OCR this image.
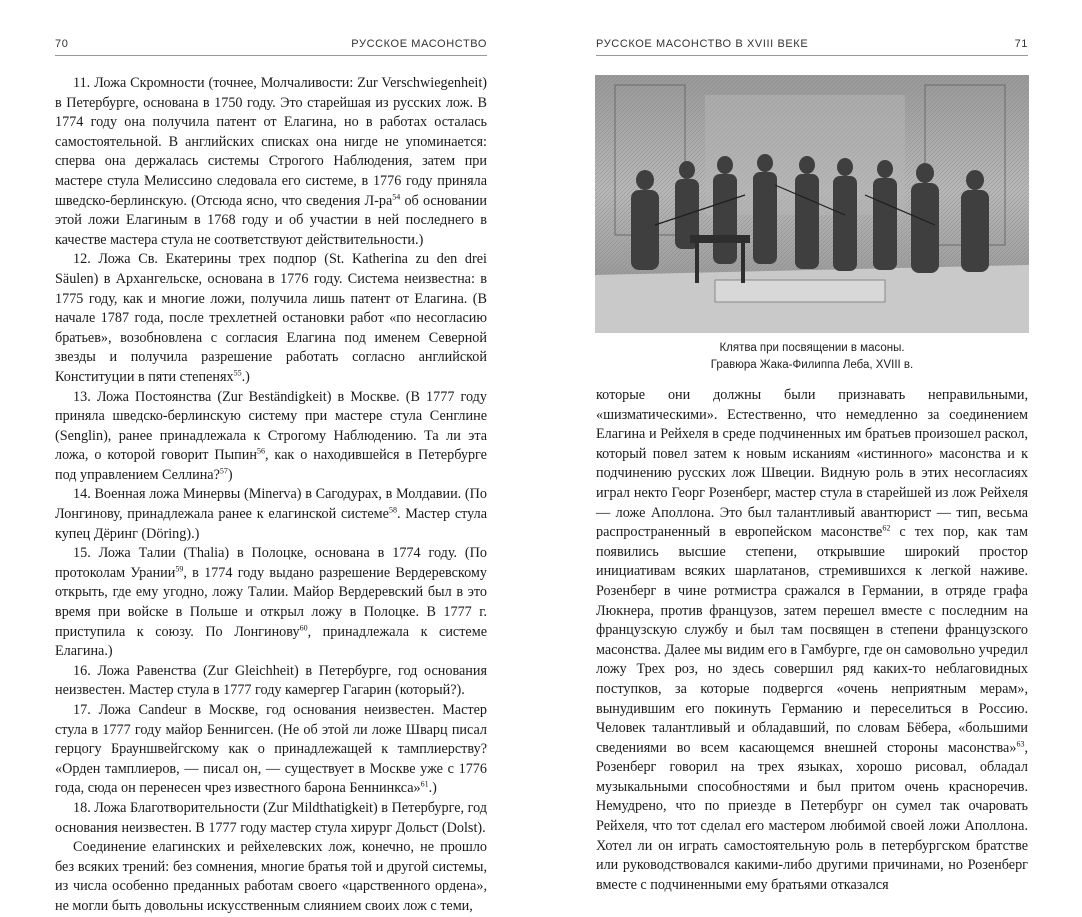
70	РУССКОЕ МАСОНСТВО

11. Ложа Скромности (точнее, Молчаливости: Zur Verschwiegenheit) в Петербурге, основана в 1750 году. Это старейшая из русских лож. В 1774 году она получила патент от Елагина, но в работах осталась самостоятельной. В английских списках она нигде не упоминается: сперва она держалась системы Строгого Наблюдения, затем при мастере стула Мелиссино следовала его системе, в 1776 году приняла шведско-берлинскую. (Отсюда ясно, что сведения $Л-ра^{54}$ об основании этой ложи Елагиным в 1768 году и об участии в ней последнего в качестве мастера стула не соответствуют действительности.)

12. Ложа Св. Екатерины трех подпор (St. Katherina zu den drei Säulen) в Архангельске, основана в 1776 году. Система неизвестна: в 1775 году, как и многие ложи, получила лишь патент от Елагина. (В начале 1787 года, после трехлетней остановки работ «по несогласию братьев», возобновлена с согласия Елагина под именем Северной звезды и получила разрешение работать согласно английской Конституции в пяти степенях$^{55}$.)

13. Ложа Постоянства (Zur Beständigkeit) в Москве. (В 1777 году приняла шведско-берлинскую систему при мастере стула Сенглине (Senglin), ранее принадлежала к Строгому Наблюдению. Та ли эта ложа, о которой говорит Пыпин$^{56}$, как о находившейся в Петербурге под управлением Селлина?$^{57}$)

14. Военная ложа Минервы (Minerva) в Сагодурах, в Молдавии. (По Лонгинову, принадлежала ранее к елагинской системе$^{58}$. Мастер стула купец Дёринг (Döring).)

15. Ложа Талии (Thalia) в Полоцке, основана в 1774 году. (По протоколам Урании$^{59}$, в 1774 году выдано разрешение Вердеревскому открыть, где ему угодно, ложу Талии. Майор Вердеревский был в это время при войске в Польше и открыл ложу в Полоцке. В 1777 г. приступила к союзу. По Лонгинову$^{60}$, принадлежала к системе Елагина.)

16. Ложа Равенства (Zur Gleichheit) в Петербурге, год основания неизвестен. Мастер стула в 1777 году камергер Гагарин (который?).

17. Ложа Candeur в Москве, год основания неизвестен. Мастер стула в 1777 году майор Беннигсен. (Не об этой ли ложе Шварц писал герцогу Брауншвейгскому как о принадлежащей к тамплиерству? «Орден тамплиеров, — писал он, — существует в Москве уже с 1776 года, сюда он перенесен чрез известного барона Беннинкса»$^{61}$.)

18. Ложа Благотворительности (Zur Mildthatigkeit) в Петербурге, год основания неизвестен. В 1777 году мастер стула хирург Дольст (Dolst).

Соединение елагинских и рейхелевских лож, конечно, не прошло без всяких трений: без сомнения, многие братья той и другой системы, из числа особенно преданных работам своего «царственного ордена», не могли быть довольны искусственным слиянием своих лож с теми,

РУССКОЕ МАСОНСТВО В XVIII ВЕКЕ	71
Клятва при посвящении в масоны.
Гравюра Жака-Филиппа Леба, XVIII в.

которые они должны были признавать неправильными, «шизматическими». Естественно, что немедленно за соединением Елагина и Рейхеля в среде подчиненных им братьев произошел раскол, который повел затем к новым исканиям «истинного» масонства и к подчинению русских лож Швеции. Видную роль в этих несогласиях играл некто Георг Розенберг, мастер стула в старейшей из лож Рейхеля — ложе Аполлона. Это был талантливый авантюрист — тип, весьма распространенный в европейском масонстве$^{62}$ с тех пор, как там появились высшие степени, открывшие широкий простор инициативам всяких шарлатанов, стремившихся к легкой наживе. Розенберг в чине ротмистра сражался в Германии, в отряде графа Люкнера, против французов, затем перешел вместе с последним на французскую службу и был там посвящен в степени французского масонства. Далее мы видим его в Гамбурге, где он самовольно учредил ложу Трех роз, но здесь совершил ряд каких-то неблаговидных поступков, за которые подвергся «очень неприятным мерам», вынудившим его покинуть Германию и переселиться в Россию. Человек талантливый и обладавший, по словам Бёбера, «большими сведениями во всем касающемся внешней стороны масонства»$^{63}$, Розенберг говорил на трех языках, хорошо рисовал, обладал музыкальными способностями и был притом очень красноречив. Немудрено, что по приезде в Петербург он сумел так очаровать Рейхеля, что тот сделал его мастером любимой своей ложи Аполлона. Хотел ли он играть самостоятельную роль в петербургском братстве или руководствовался какими-либо другими причинами, но Розенберг вместе с подчиненными ему братьями отказался
